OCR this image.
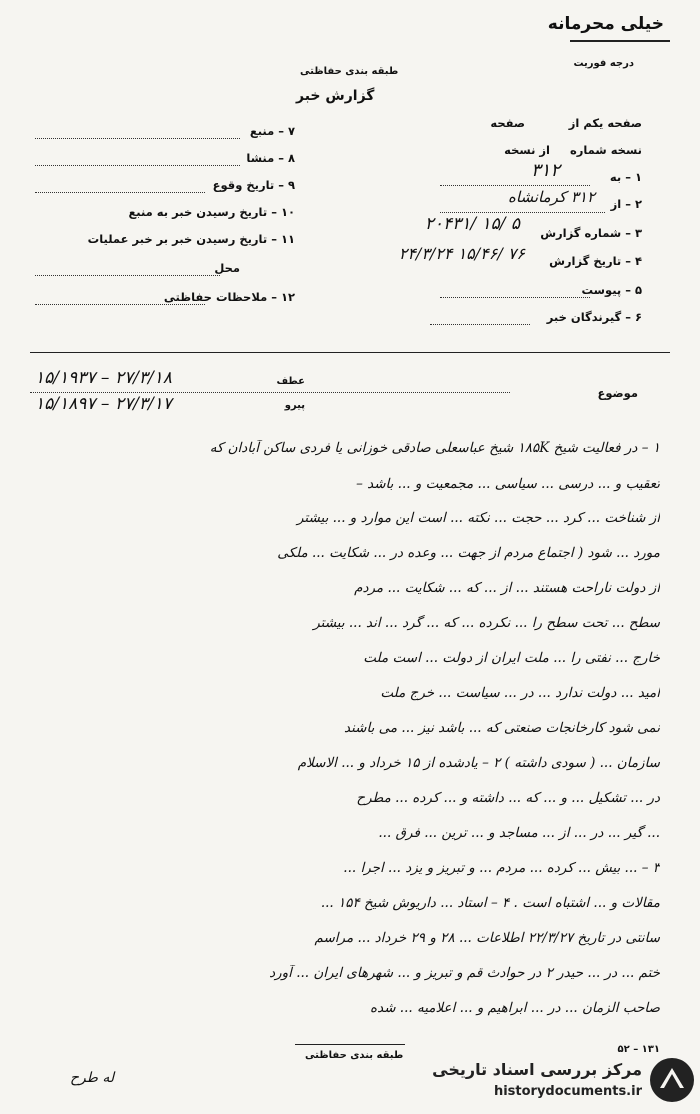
خیلی محرمانه
درجه فوریت
طبقه بندی حفاظتی
گزارش خبر
۷ – منبع
۸ – منشا
۹ – تاریخ وقوع
۱۰ – تاریخ رسیدن خبر به منبع
۱۱ – تاریخ رسیدن خبر بر خبر عملیات
محل
۱۲ – ملاحظات حفاظتی
صفحه یکم از
صفحه
نسخه شماره
از نسخه
۱ – به
۳۱۲
۲ – از
۳۱۲ کرمانشاه
۳ – شماره گزارش
۲۰۴۳۱/ ۱۵/ ۵
۴ – تاریخ گزارش
۲۴/۳/۲۴ ۱۵/۴۶/ ۷۶
۵ – پیوست
۶ – گیرندگان خبر
موضوع
عطف
۱۵/۱۹۳۷ – ۲۷/۳/۱۸
پیرو
۱۵/۱۸۹۷ – ۲۷/۳/۱۷
۱ – در فعالیت شیخ ۱۸۵K شیخ عباسعلی صادقی خوزانی یا فردی ساکن آبادان که
تعقیب و ... درسی ... سیاسی ... مجمعیت و ... باشد –
از شناخت ... کرد ... حجت ... نکته ... است این موارد و ... بیشتر
مورد ... شود ( اجتماع مردم از جهت ... وعده در ... شکایت ... ملکی
از دولت ناراحت هستند ... از ... که ... شکایت ... مردم
سطح ... تحت سطح را ... نکرده ... که ... گرد ... اند ... بیشتر
خارج ... نفتی را ... ملت ایران از دولت ... است ملت
امید ... دولت ندارد ... در ... سیاست ... خرج ملت
نمی شود کارخانجات صنعتی که ... باشد نیز ... می باشند
سازمان ... ( سودی داشته ) ۲ – یادشده از ۱۵ خرداد و ... الاسلام
در ... تشکیل ... و ... که ... داشته و ... کرده ... مطرح
... گیر ... در ... از ... مساجد و ... ترین ... فرق ...
۳ – ... بیش ... کرده ... مردم ... و تبریز و یزد ... اجرا ...
مقالات و ... اشتباه است . ۴ – استاد ... داریوش شیخ ۱۵۴ ...
سانتی در تاریخ ۲۲/۳/۲۷ اطلاعات ... ۲۸ و ۲۹ خرداد ... مراسم
ختم ... در ... حیدر ۲ در حوادث قم و تبریز و ... شهرهای ایران ... آورد
صاحب الزمان ... در ... ابراهیم و ... اعلامیه ... شده
۵۲ – ۱۳۱
طبقه بندی حفاظتی
له طرح	مرکز بررسی اسناد تاریخی
historydocuments.ir
